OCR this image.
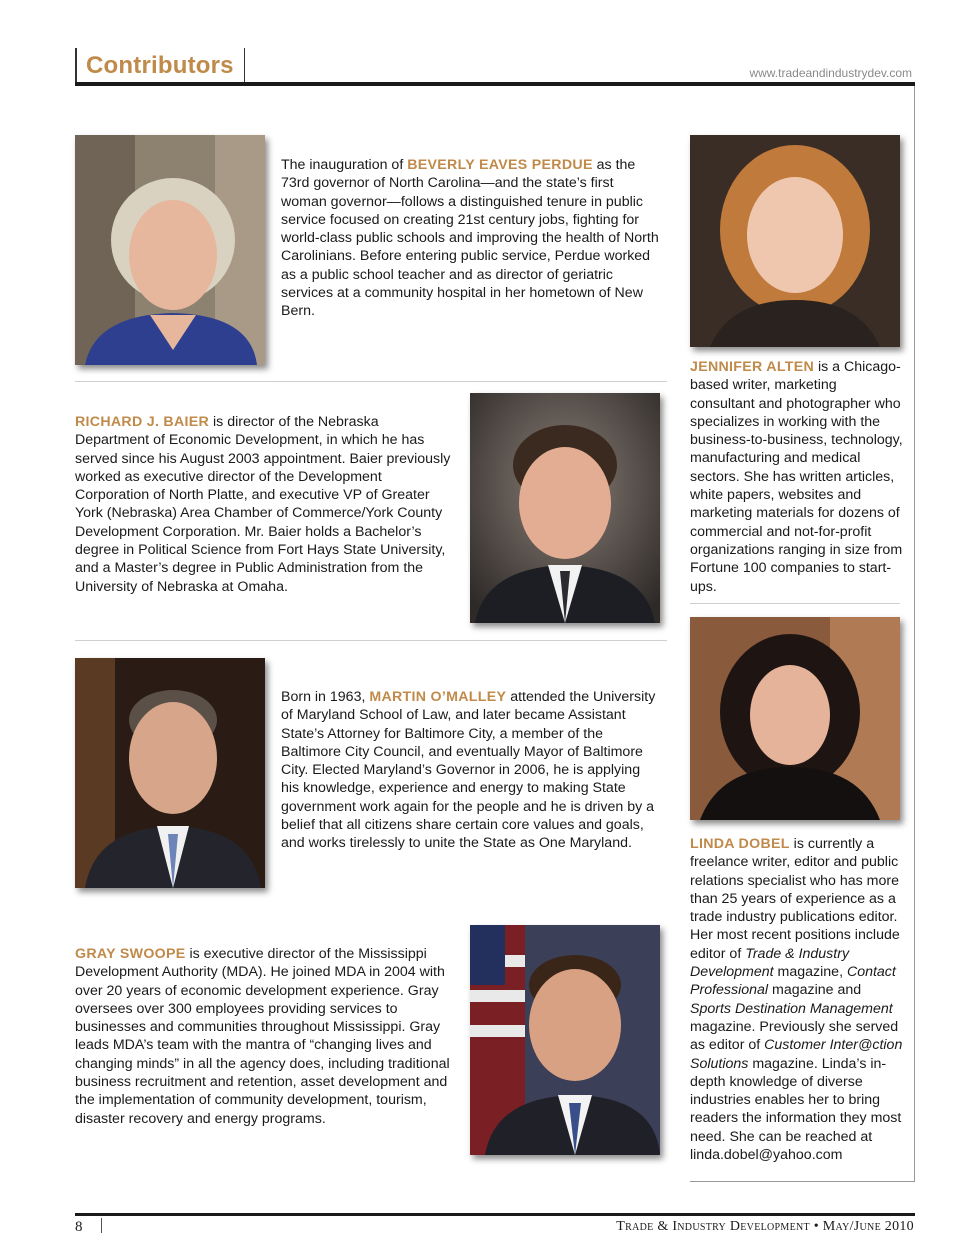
Contributors	www.tradeandindustrydev.com
The inauguration of BEVERLY EAVES PERDUE as the 73rd governor of North Carolina—and the state’s first woman governor—follows a distinguished tenure in public service focused on creating 21st century jobs, fighting for world-class public schools and improving the health of North Carolinians. Before entering public service, Perdue worked as a public school teacher and as director of geriatric services at a community hospital in her hometown of New Bern.
JENNIFER ALTEN is a Chicago-based writer, marketing consultant and photographer who specializes in working with the business-to-business, technology, manufacturing and medical sectors. She has written articles, white papers, websites and marketing materials for dozens of commercial and not-for-profit organizations ranging in size from Fortune 100 companies to start-ups.
RICHARD J. BAIER is director of the Nebraska Department of Economic Development, in which he has served since his August 2003 appointment. Baier previously worked as executive director of the Development Corporation of North Platte, and executive VP of Greater York (Nebraska) Area Chamber of Commerce/York County Development Corporation. Mr. Baier holds a Bachelor’s degree in Political Science from Fort Hays State University, and a Master’s degree in Public Administration from the University of Nebraska at Omaha.
Born in 1963, MARTIN O’MALLEY attended the University of Maryland School of Law, and later became Assistant State’s Attorney for Baltimore City, a member of the Baltimore City Council, and eventually Mayor of Baltimore City. Elected Maryland’s Governor in 2006, he is applying his knowledge, experience and energy to making State government work again for the people and he is driven by a belief that all citizens share certain core values and goals, and works tirelessly to unite the State as One Maryland.	LINDA DOBEL is currently a freelance writer, editor and public relations specialist who has more than 25 years of experience as a trade industry publications editor. Her most recent positions include editor of Trade & Industry Development magazine, Contact Professional magazine and Sports Destination Management magazine. Previously she served as editor of Customer Inter@ction Solutions magazine. Linda’s in-depth knowledge of diverse industries enables her to bring readers the information they most need. She can be reached at linda.dobel@yahoo.com
GRAY SWOOPE is executive director of the Mississippi Development Authority (MDA). He joined MDA in 2004 with over 20 years of economic development experience. Gray oversees over 300 employees providing services to businesses and communities throughout Mississippi. Gray leads MDA’s team with the mantra of “changing lives and changing minds” in all the agency does, including traditional business recruitment and retention, asset development and the implementation of community development, tourism, disaster recovery and energy programs.
8	Trade & Industry Development • May/June 2010
